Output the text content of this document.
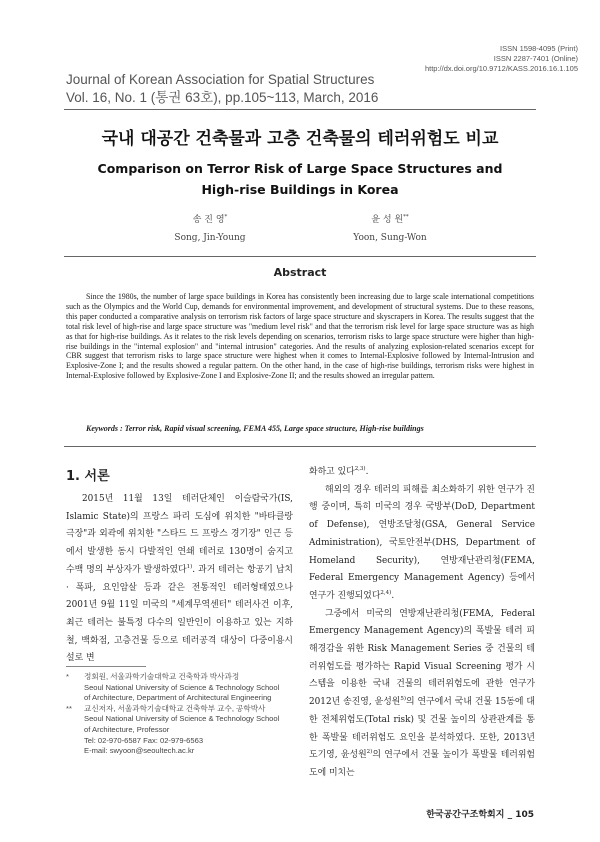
ISSN 1598-4095 (Print)
ISSN 2287-7401 (Online)
http://dx.doi.org/10.9712/KASS.2016.16.1.105
Journal of Korean Association for Spatial Structures
Vol. 16, No. 1 (통권 63호), pp.105~113, March, 2016
국내 대공간 건축물과 고층 건축물의 테러위험도 비교
Comparison on Terror Risk of Large Space Structures and High-rise Buildings in Korea
송 진 영*
Song, Jin-Young
윤 성 원**
Yoon, Sung-Won
Abstract
Since the 1980s, the number of large space buildings in Korea has consistently been increasing due to large scale international competitions such as the Olympics and the World Cup, demands for environmental improvement, and development of structural systems. Due to these reasons, this paper conducted a comparative analysis on terrorism risk factors of large space structure and skyscrapers in Korea. The results suggest that the total risk level of high-rise and large space structure was "medium level risk" and that the terrorism risk level for large space structure was as high as that for high-rise buildings. As it relates to the risk levels depending on scenarios, terrorism risks to large space structure were higher than high-rise buildings in the "internal explosion" and "internal intrusion" categories. And the results of analyzing explosion-related scenarios except for CBR suggest that terrorism risks to large space structure were highest when it comes to Internal-Explosive followed by Internal-Intrusion and Explosive-Zone I; and the results showed a regular pattern. On the other hand, in the case of high-rise buildings, terrorism risks were highest in Internal-Explosive followed by Explosive-Zone I and Explosive-Zone II; and the results showed an irregular pattern.
Keywords : Terror risk, Rapid visual screening, FEMA 455, Large space structure, High-rise buildings
1. 서론

2015년 11월 13일 테러단체인 이슬람국가(IS, Islamic State)의 프랑스 파리 도심에 위치한 "바타클랑 극장"과 외곽에 위치한 "스타드 드 프랑스 경기장" 인근 등에서 발생한 동시 다발적인 연쇄 테러로 130명이 숨지고 수백 명의 부상자가 발생하였다$^{1)}$. 과거 테러는 항공기 납치 · 폭파, 요인암살 등과 같은 전통적인 테러형태였으나 2001년 9월 11일 미국의 "세계무역센터" 테러사건 이후, 최근 테러는 불특정 다수의 일반인이 이용하고 있는 지하철, 백화점, 고층건물 등으로 테러공격 대상이 다중이용시설로 변

화하고 있다$^{2,3)}$.

해외의 경우 테러의 피해를 최소화하기 위한 연구가 진행 중이며, 특히 미국의 경우 국방부(DoD, Department of Defense), 연방조달청(GSA, General Service Administration), 국토안전부(DHS, Department of Homeland Security), 연방재난관리청(FEMA, Federal Emergency Management Agency) 등에서 연구가 진행되었다$^{2,4)}$.

그중에서 미국의 연방재난관리청(FEMA, Federal Emergency Management Agency)의 폭발물 테러 피해경감을 위한 Risk Management Series 중 건물의 테러위험도를 평가하는 Rapid Visual Screening 평가 시스템을 이용한 국내 건물의 테러위험도에 관한 연구가 2012년 송진영, 윤성원$^{5)}$의 연구에서 국내 건물 15동에 대한 전체위험도(Total risk) 및 건물 높이의 상관관계를 통한 폭발물 테러위험도 요인을 분석하였다. 또한, 2013년 도기영, 윤성원$^{2)}$의 연구에서 건물 높이가 폭발물 테러위험도에 미치는

*	정회원, 서울과학기술대학교 건축학과 박사과정
Seoul National University of Science & Technology School
of Architecture, Department of Architectural Engineering
**	교신저자, 서울과학기술대학교 건축학부 교수, 공학박사
Seoul National University of Science & Technology School
of Architecture, Professor
Tel: 02-970-6587 Fax: 02-979-6563
E-mail: swyoon@seoultech.ac.kr
한국공간구조학회지 _ 105
